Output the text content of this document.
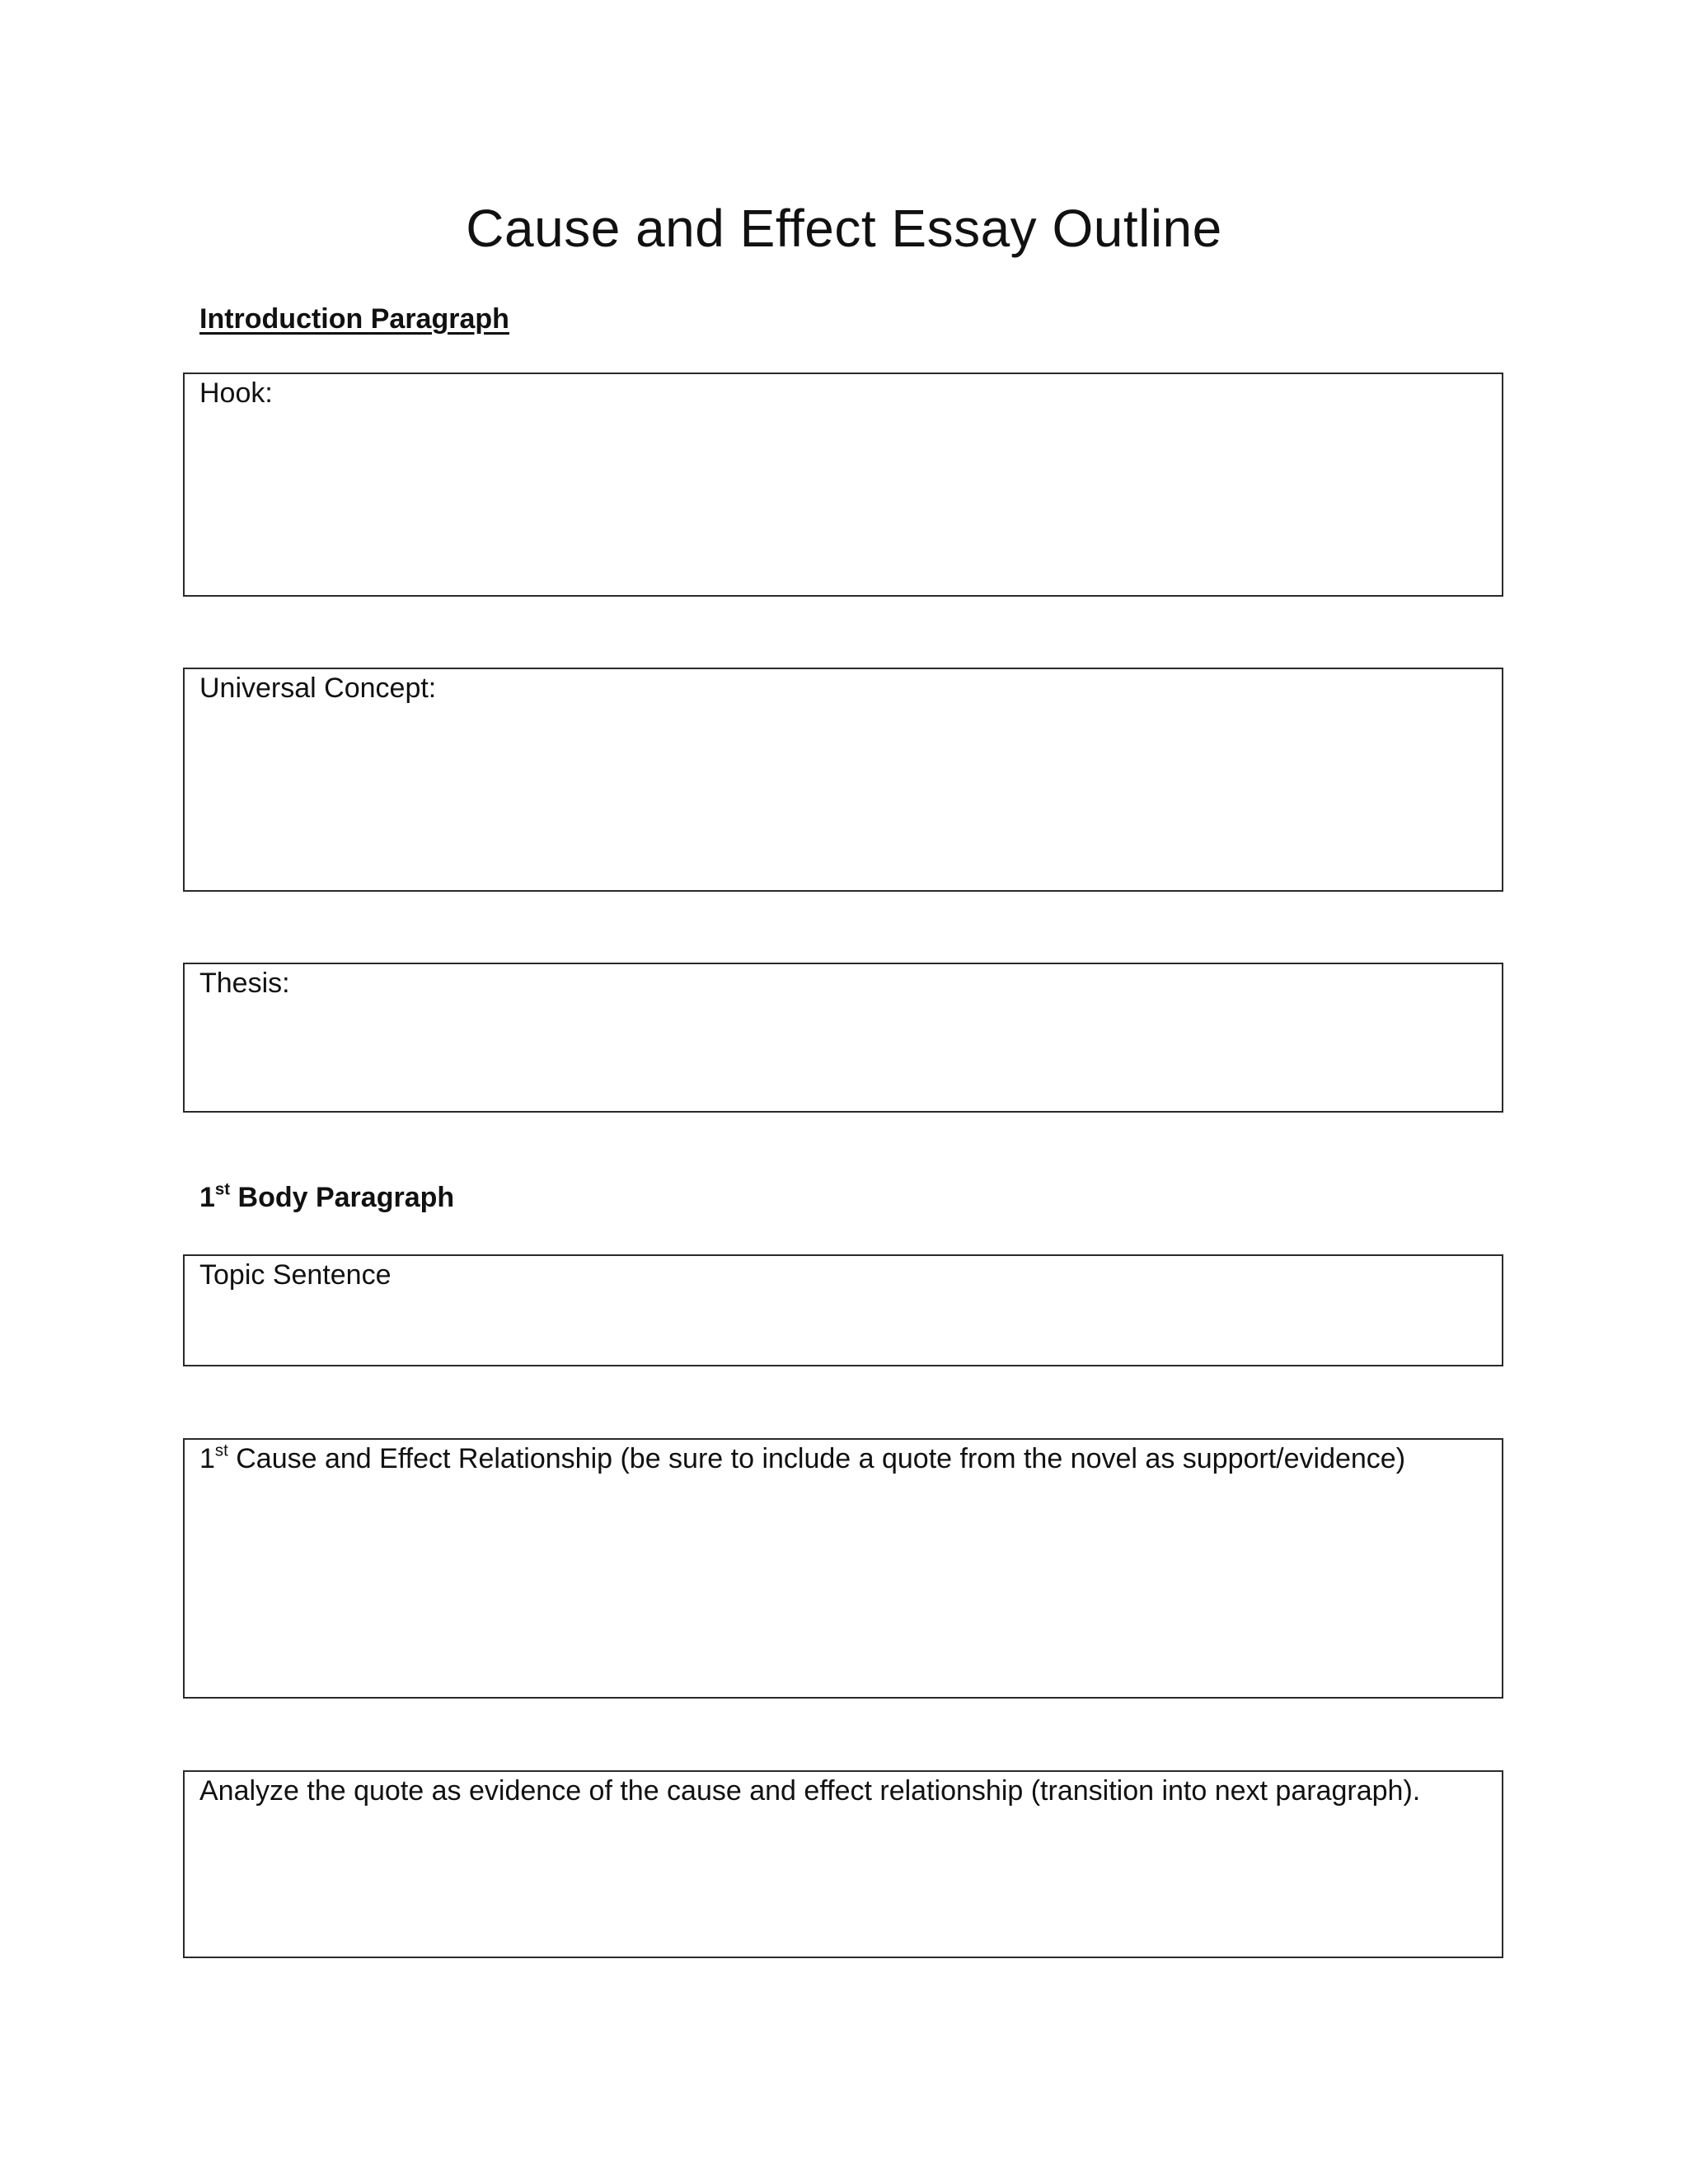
Cause and Effect Essay Outline
Introduction Paragraph
Hook:
Universal Concept:
Thesis:
1st Body Paragraph
Topic Sentence
1st Cause and Effect Relationship (be sure to include a quote from the novel as support/evidence)
Analyze the quote as evidence of the cause and effect relationship (transition into next paragraph).
